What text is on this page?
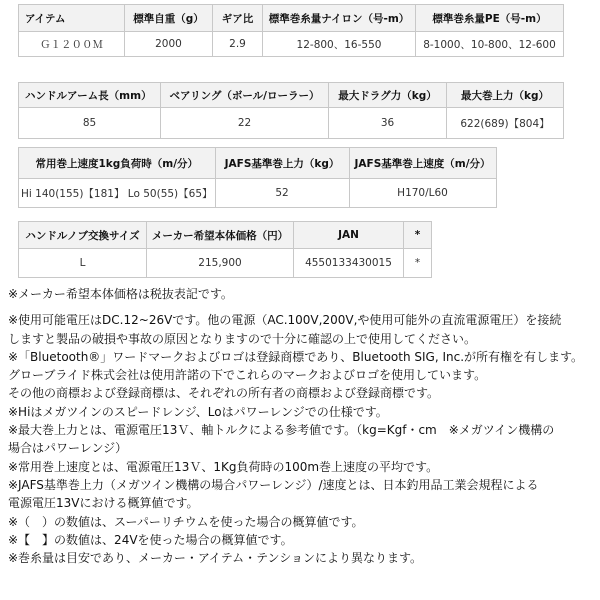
アイテム	標準自重（g）	ギア比	標準巻糸量ナイロン（号-m）	標準巻糸量PE（号-m）
Ｇ１２００Ｍ	2000	2.9	12-800、16-550	8-1000、10-800、12-600
ハンドルアーム長（mm）	ベアリング（ボール/ローラー）	最大ドラグ力（kg）	最大巻上力（kg）
85	22	36	622(689)【804】
常用巻上速度1kg負荷時（m/分）	JAFS基準巻上力（kg）	JAFS基準巻上速度（m/分）
Hi 140(155)【181】 Lo 50(55)【65】	52	H170/L60
ハンドルノブ交換サイズ	メーカー希望本体価格（円）	JAN	*
L	215,900	4550133430015	*
※メーカー希望本体価格は税抜表記です。
※使用可能電圧はDC.12~26Vです。他の電源（AC.100V,200V,や使用可能外の直流電源電圧）を接続
しますと製品の破損や事故の原因となりますので十分に確認の上で使用してください。
※「Bluetooth®」ワードマークおよびロゴは登録商標であり、Bluetooth SIG, Inc.が所有権を有します。
グローブライド株式会社は使用許諾の下でこれらのマークおよびロゴを使用しています。
その他の商標および登録商標は、それぞれの所有者の商標および登録商標です。
※Hiはメガツインのスピードレンジ、Loはパワーレンジでの仕様です。
※最大巻上力とは、電源電圧13Ｖ、軸トルクによる参考値です。（kg=Kgf・cm　※メガツイン機構の
場合はパワーレンジ）
※常用巻上速度とは、電源電圧13Ｖ、1Kg負荷時の100m巻上速度の平均です。
※JAFS基準巻上力（メガツイン機構の場合パワーレンジ）/速度とは、日本釣用品工業会規程による
電源電圧13Vにおける概算値です。
※（　）の数値は、スーパーリチウムを使った場合の概算値です。
※【　】の数値は、24Vを使った場合の概算値です。
※巻糸量は目安であり、メーカー・アイテム・テンションにより異なります。
